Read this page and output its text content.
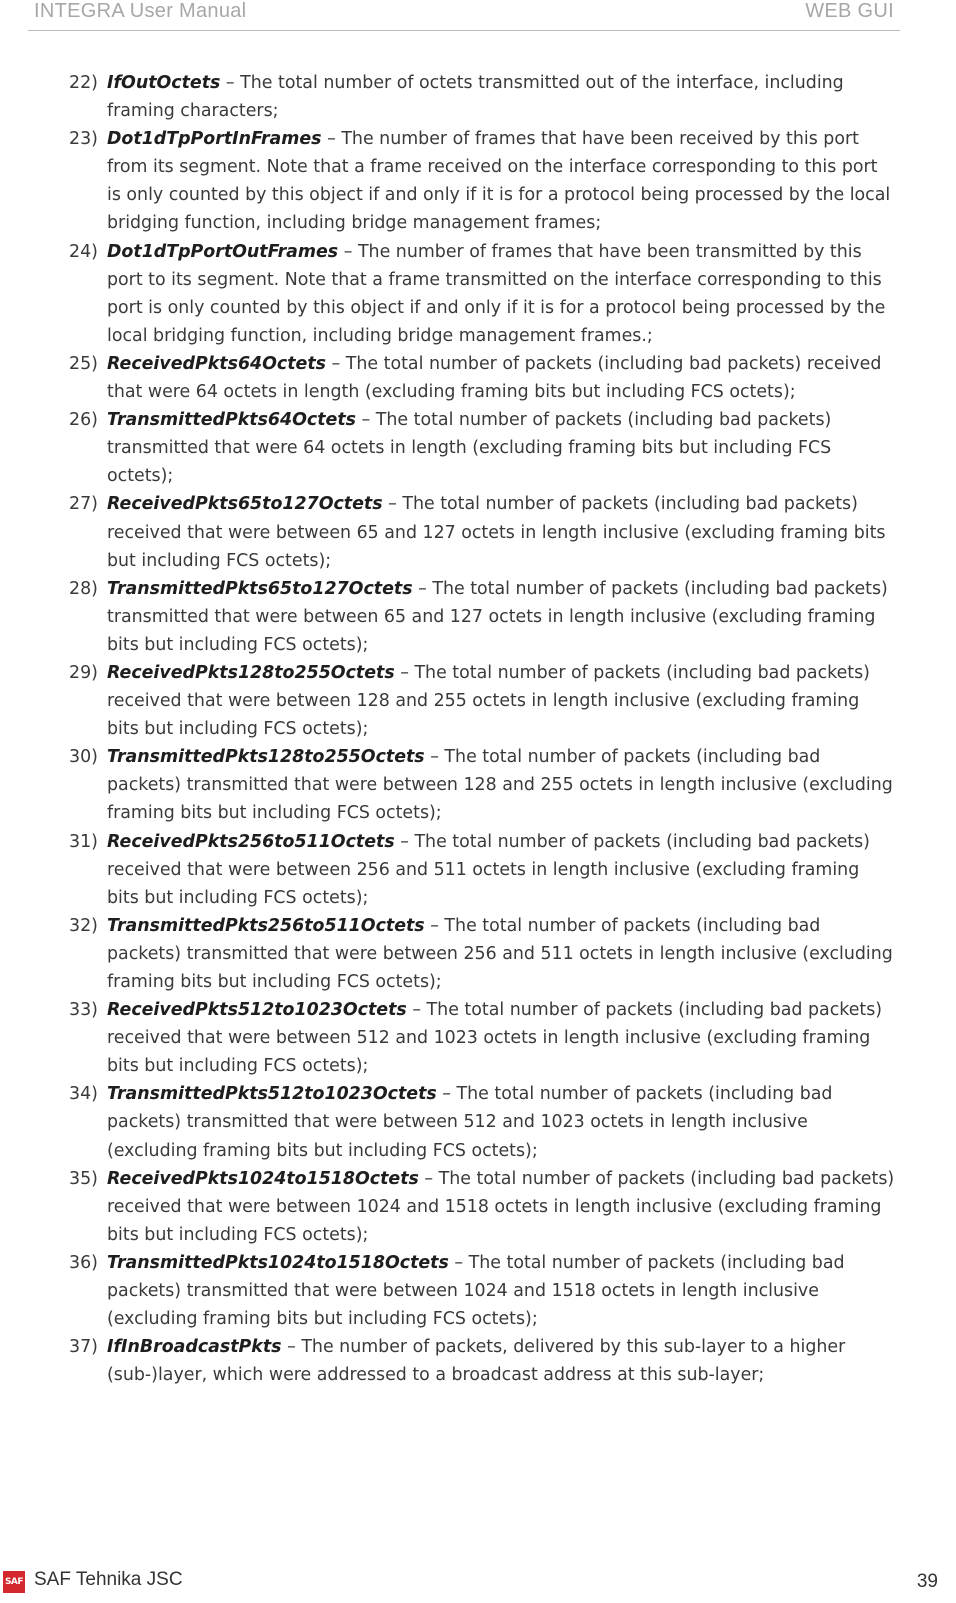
INTEGRA User Manual	WEB GUI
22) IfOutOctets – The total number of octets transmitted out of the interface, including framing characters;
23) Dot1dTpPortInFrames – The number of frames that have been received by this port from its segment. Note that a frame received on the interface corresponding to this port is only counted by this object if and only if it is for a protocol being processed by the local bridging function, including bridge management frames;
24) Dot1dTpPortOutFrames – The number of frames that have been transmitted by this port to its segment. Note that a frame transmitted on the interface corresponding to this port is only counted by this object if and only if it is for a protocol being processed by the local bridging function, including bridge management frames.;
25) ReceivedPkts64Octets – The total number of packets (including bad packets) received that were 64 octets in length (excluding framing bits but including FCS octets);
26) TransmittedPkts64Octets – The total number of packets (including bad packets) transmitted that were 64 octets in length (excluding framing bits but including FCS octets);
27) ReceivedPkts65to127Octets – The total number of packets (including bad packets) received that were between 65 and 127 octets in length inclusive (excluding framing bits but including FCS octets);
28) TransmittedPkts65to127Octets – The total number of packets (including bad packets) transmitted that were between 65 and 127 octets in length inclusive (excluding framing bits but including FCS octets);
29) ReceivedPkts128to255Octets – The total number of packets (including bad packets) received that were between 128 and 255 octets in length inclusive (excluding framing bits but including FCS octets);
30) TransmittedPkts128to255Octets – The total number of packets (including bad packets) transmitted that were between 128 and 255 octets in length inclusive (excluding framing bits but including FCS octets);
31) ReceivedPkts256to511Octets – The total number of packets (including bad packets) received that were between 256 and 511 octets in length inclusive (excluding framing bits but including FCS octets);
32) TransmittedPkts256to511Octets – The total number of packets (including bad packets) transmitted that were between 256 and 511 octets in length inclusive (excluding framing bits but including FCS octets);
33) ReceivedPkts512to1023Octets – The total number of packets (including bad packets) received that were between 512 and 1023 octets in length inclusive (excluding framing bits but including FCS octets);
34) TransmittedPkts512to1023Octets – The total number of packets (including bad packets) transmitted that were between 512 and 1023 octets in length inclusive (excluding framing bits but including FCS octets);
35) ReceivedPkts1024to1518Octets – The total number of packets (including bad packets) received that were between 1024 and 1518 octets in length inclusive (excluding framing bits but including FCS octets);
36) TransmittedPkts1024to1518Octets – The total number of packets (including bad packets) transmitted that were between 1024 and 1518 octets in length inclusive (excluding framing bits but including FCS octets);
37) IfInBroadcastPkts – The number of packets, delivered by this sub-layer to a higher (sub-)layer, which were addressed to a broadcast address at this sub-layer;
SAF SAF Tehnika JSC	39
